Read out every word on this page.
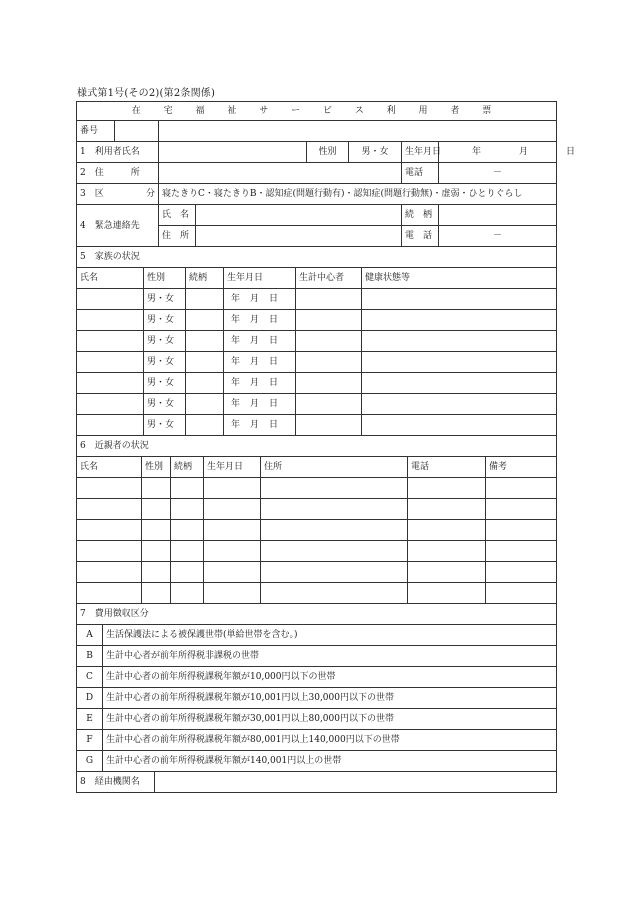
様式第1号(その2)(第2条関係)
在 宅 福 祉 サ ー ビ ス 利 用 者 票							
番号							
1　利用者氏名				性別	男・女	生年月日	年 月 日
2　住　　　所						電話	－

3　区 分		寝たきりC・寝たきりB・認知症(問題行動有)・認知症(問題行動無)・虚弱・ひとりぐらし					
4　緊急連絡先		氏　名				続　柄	
		住　所				電　話	－
5　家族の状況					
氏名	性別	続柄	生年月日	生計中心者	健康状態等
	男・女		年 月 日		
	男・女		年 月 日		
	男・女		年 月 日		
	男・女		年 月 日		
	男・女		年 月 日		
	男・女		年 月 日		
	男・女		年 月 日		
6　近親者の状況						
氏名	性別	続柄	生年月日	住所	電話	備考

7　費用徴収区分	
A	生活保護法による被保護世帯(単給世帯を含む。)
B	生計中心者が前年所得税非課税の世帯
C	生計中心者の前年所得税課税年額が10,000円以下の世帯
D	生計中心者の前年所得税課税年額が10,001円以上30,000円以下の世帯
E	生計中心者の前年所得税課税年額が30,001円以上80,000円以下の世帯
F	生計中心者の前年所得税課税年額が80,001円以上140,000円以下の世帯
G	生計中心者の前年所得税課税年額が140,001円以上の世帯
8　経由機関名	
